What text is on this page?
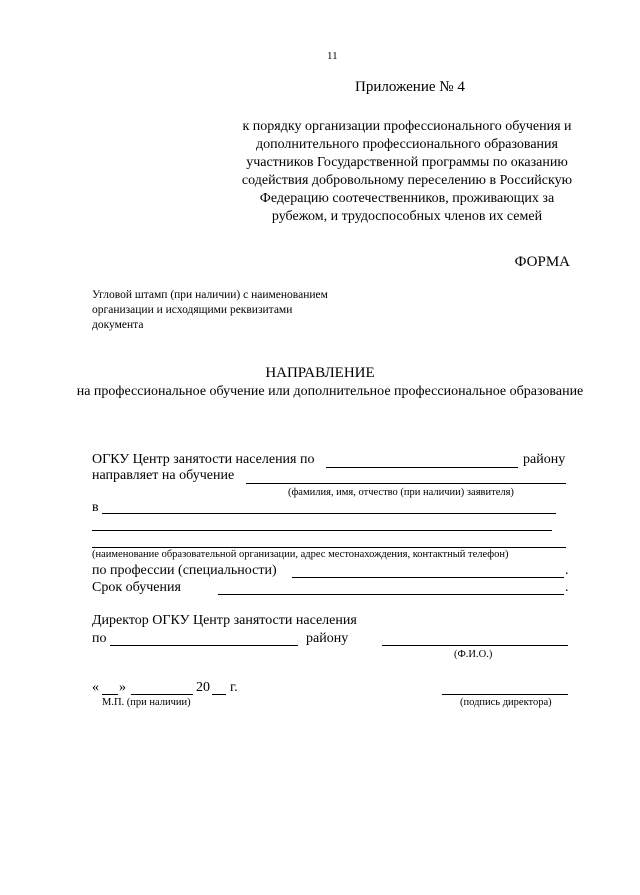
11
Приложение № 4
к порядку организации профессионального обучения и дополнительного профессионального образования участников Государственной программы по оказанию содействия добровольному переселению в Российскую Федерацию соотечественников, проживающих за рубежом, и трудоспособных членов их семей
ФОРМА
Угловой штамп (при наличии) с наименованием организации и исходящими реквизитами документа
НАПРАВЛЕНИЕ
на профессиональное обучение или дополнительное профессиональное образование
ОГКУ Центр занятости населения по	району
направляет на обучение
(фамилия, имя, отчество (при наличии) заявителя)
в
(наименование образовательной организации, адрес местонахождения, контактный телефон)
по профессии (специальности)	.
Срок обучения	.
Директор ОГКУ Центр занятости населения
по	району
(Ф.И.О.)
« »	20 г.
М.П. (при наличии)	(подпись директора)
